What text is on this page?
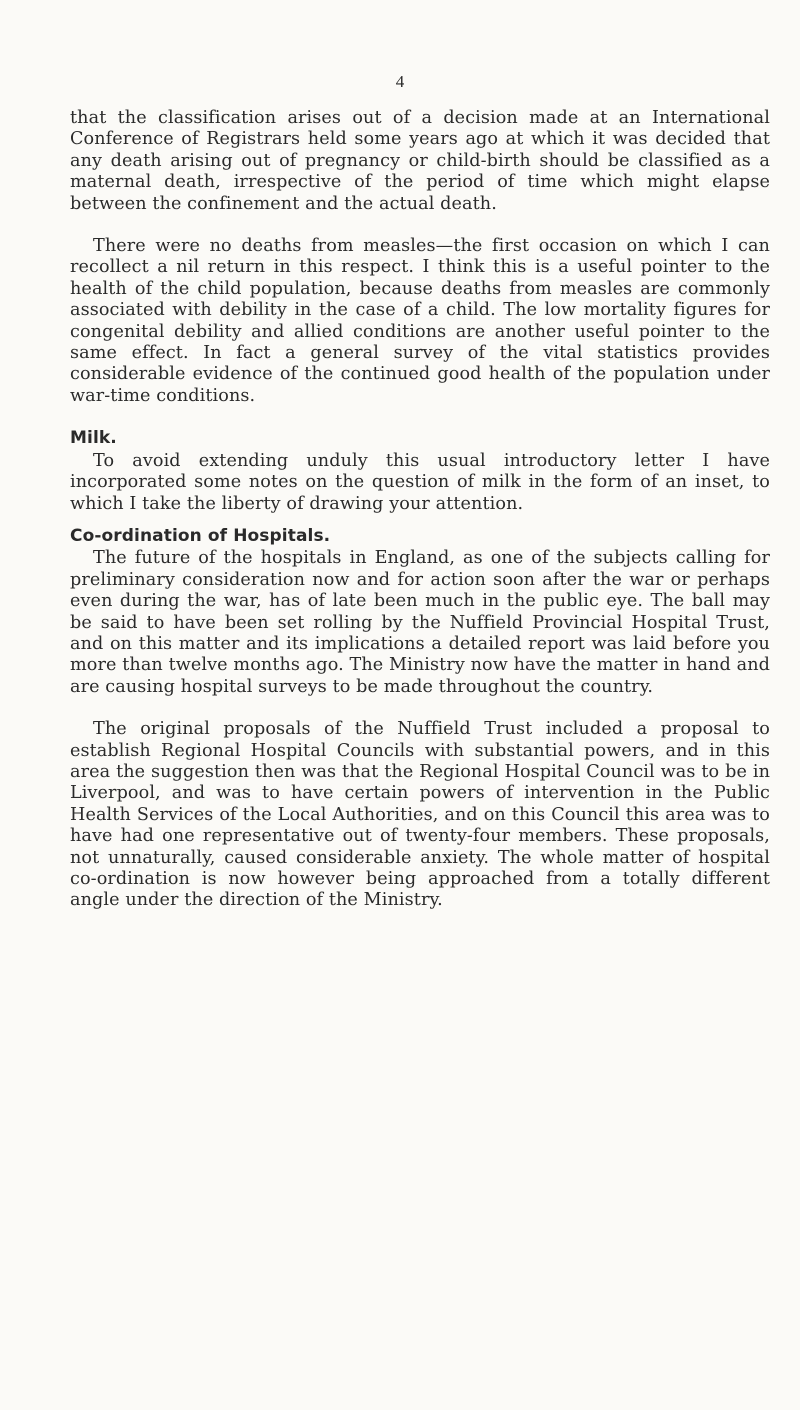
4

that the classification arises out of a decision made at an International Conference of Registrars held some years ago at which it was decided that any death arising out of pregnancy or child-birth should be classified as a maternal death, irrespective of the period of time which might elapse between the confinement and the actual death.

There were no deaths from measles—the first occasion on which I can recollect a nil return in this respect. I think this is a useful pointer to the health of the child population, because deaths from measles are commonly associated with debility in the case of a child. The low mortality figures for congenital debility and allied conditions are another useful pointer to the same effect. In fact a general survey of the vital statistics provides considerable evidence of the continued good health of the population under war-time conditions.

Milk.

To avoid extending unduly this usual introductory letter I have incorporated some notes on the question of milk in the form of an inset, to which I take the liberty of drawing your attention.

Co-ordination of Hospitals.

The future of the hospitals in England, as one of the subjects calling for preliminary consideration now and for action soon after the war or perhaps even during the war, has of late been much in the public eye. The ball may be said to have been set rolling by the Nuffield Provincial Hospital Trust, and on this matter and its implications a detailed report was laid before you more than twelve months ago. The Ministry now have the matter in hand and are causing hospital surveys to be made throughout the country.

The original proposals of the Nuffield Trust included a proposal to establish Regional Hospital Councils with substantial powers, and in this area the suggestion then was that the Regional Hospital Council was to be in Liverpool, and was to have certain powers of intervention in the Public Health Services of the Local Authorities, and on this Council this area was to have had one representative out of twenty-four members. These proposals, not unnaturally, caused considerable anxiety. The whole matter of hospital co-ordination is now however being approached from a totally different angle under the direction of the Ministry.
